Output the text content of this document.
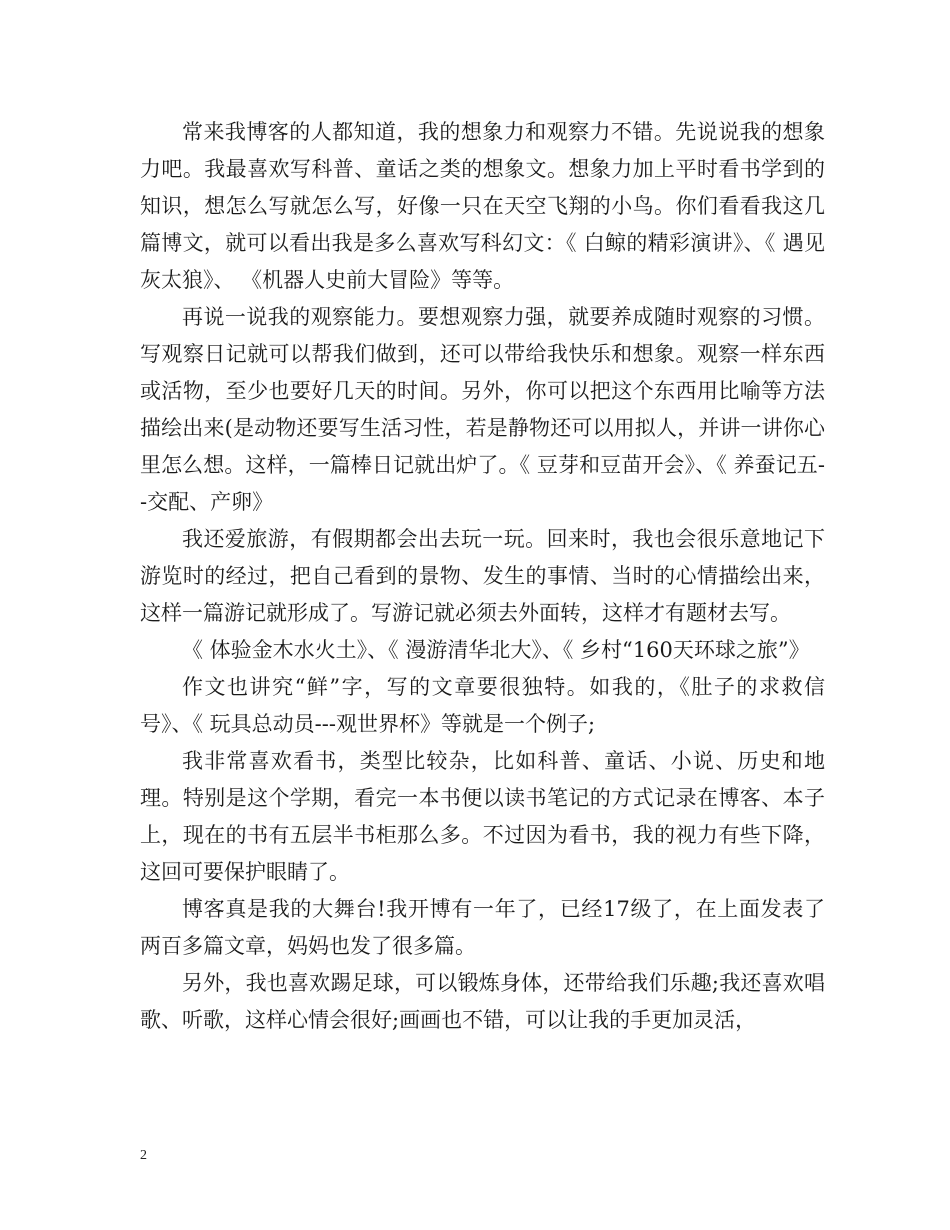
常来我博客的人都知道，我的想象力和观察力不错。先说说我的想象力吧。我最喜欢写科普、童话之类的想象文。想象力加上平时看书学到的知识，想怎么写就怎么写，好像一只在天空飞翔的小鸟。你们看看我这几篇博文，就可以看出我是多么喜欢写科幻文：《 白鲸的精彩演讲》、《 遇见灰太狼》、 《机器人史前大冒险》等等。

再说一说我的观察能力。要想观察力强，就要养成随时观察的习惯。写观察日记就可以帮我们做到，还可以带给我快乐和想象。观察一样东西或活物，至少也要好几天的时间。另外，你可以把这个东西用比喻等方法描绘出来(是动物还要写生活习性，若是静物还可以用拟人，并讲一讲你心里怎么想。这样，一篇棒日记就出炉了。《 豆芽和豆苗开会》、《 养蚕记五--交配、产卵》

我还爱旅游，有假期都会出去玩一玩。回来时，我也会很乐意地记下游览时的经过，把自己看到的景物、发生的事情、当时的心情描绘出来，这样一篇游记就形成了。写游记就必须去外面转，这样才有题材去写。

《 体验金木水火土》、《 漫游清华北大》、《 乡村“160天环球之旅”》

作文也讲究“鲜”字，写的文章要很独特。如我的，《肚子的求救信号》、《 玩具总动员---观世界杯》等就是一个例子;

我非常喜欢看书，类型比较杂，比如科普、童话、小说、历史和地理。特别是这个学期，看完一本书便以读书笔记的方式记录在博客、本子上，现在的书有五层半书柜那么多。不过因为看书，我的视力有些下降，这回可要保护眼睛了。

博客真是我的大舞台!我开博有一年了，已经17级了，在上面发表了两百多篇文章，妈妈也发了很多篇。

另外，我也喜欢踢足球，可以锻炼身体，还带给我们乐趣;我还喜欢唱歌、听歌，这样心情会很好;画画也不错，可以让我的手更加灵活，

2
